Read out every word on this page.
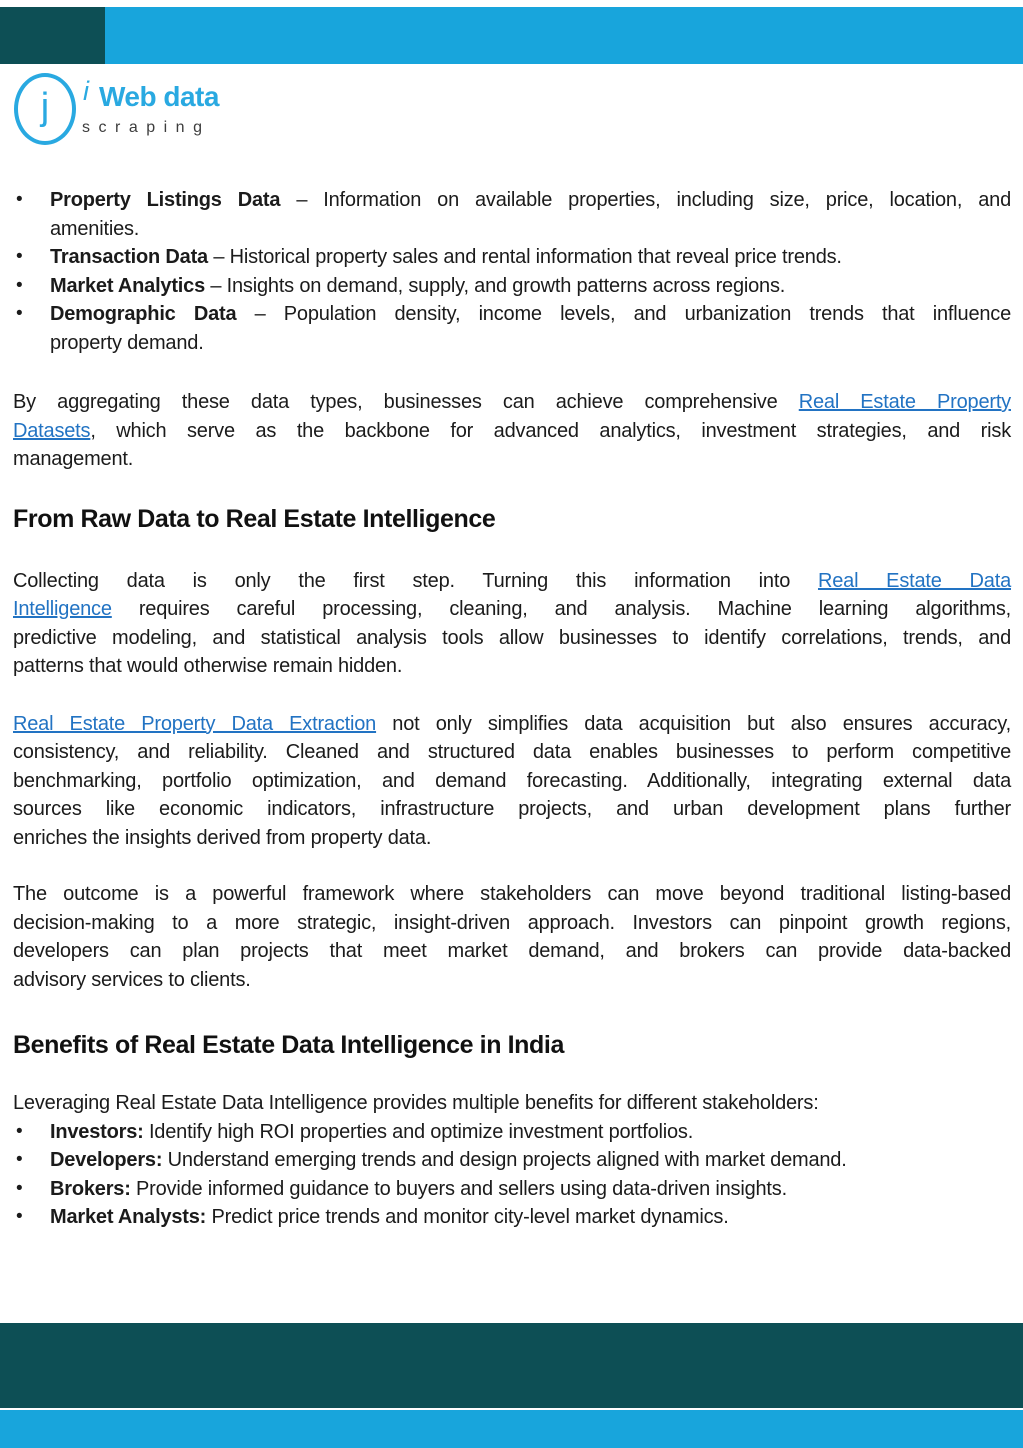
j i Web data
scraping
• Property Listings Data – Information on available properties, including size, price, location, and
amenities.
• Transaction Data – Historical property sales and rental information that reveal price trends.
• Market Analytics – Insights on demand, supply, and growth patterns across regions.
• Demographic Data – Population density, income levels, and urbanization trends that influence
property demand.
By aggregating these data types, businesses can achieve comprehensive Real Estate Property
Datasets, which serve as the backbone for advanced analytics, investment strategies, and risk
management.
From Raw Data to Real Estate Intelligence
Collecting data is only the first step. Turning this information into Real Estate Data
Intelligence requires careful processing, cleaning, and analysis. Machine learning algorithms,
predictive modeling, and statistical analysis tools allow businesses to identify correlations, trends, and
patterns that would otherwise remain hidden.
Real Estate Property Data Extraction not only simplifies data acquisition but also ensures accuracy,
consistency, and reliability. Cleaned and structured data enables businesses to perform competitive
benchmarking, portfolio optimization, and demand forecasting. Additionally, integrating external data
sources like economic indicators, infrastructure projects, and urban development plans further
enriches the insights derived from property data.
The outcome is a powerful framework where stakeholders can move beyond traditional listing-based
decision-making to a more strategic, insight-driven approach. Investors can pinpoint growth regions,
developers can plan projects that meet market demand, and brokers can provide data-backed
advisory services to clients.
Benefits of Real Estate Data Intelligence in India
Leveraging Real Estate Data Intelligence provides multiple benefits for different stakeholders:
• Investors: Identify high ROI properties and optimize investment portfolios.
• Developers: Understand emerging trends and design projects aligned with market demand.
• Brokers: Provide informed guidance to buyers and sellers using data-driven insights.
• Market Analysts: Predict price trends and monitor city-level market dynamics.
